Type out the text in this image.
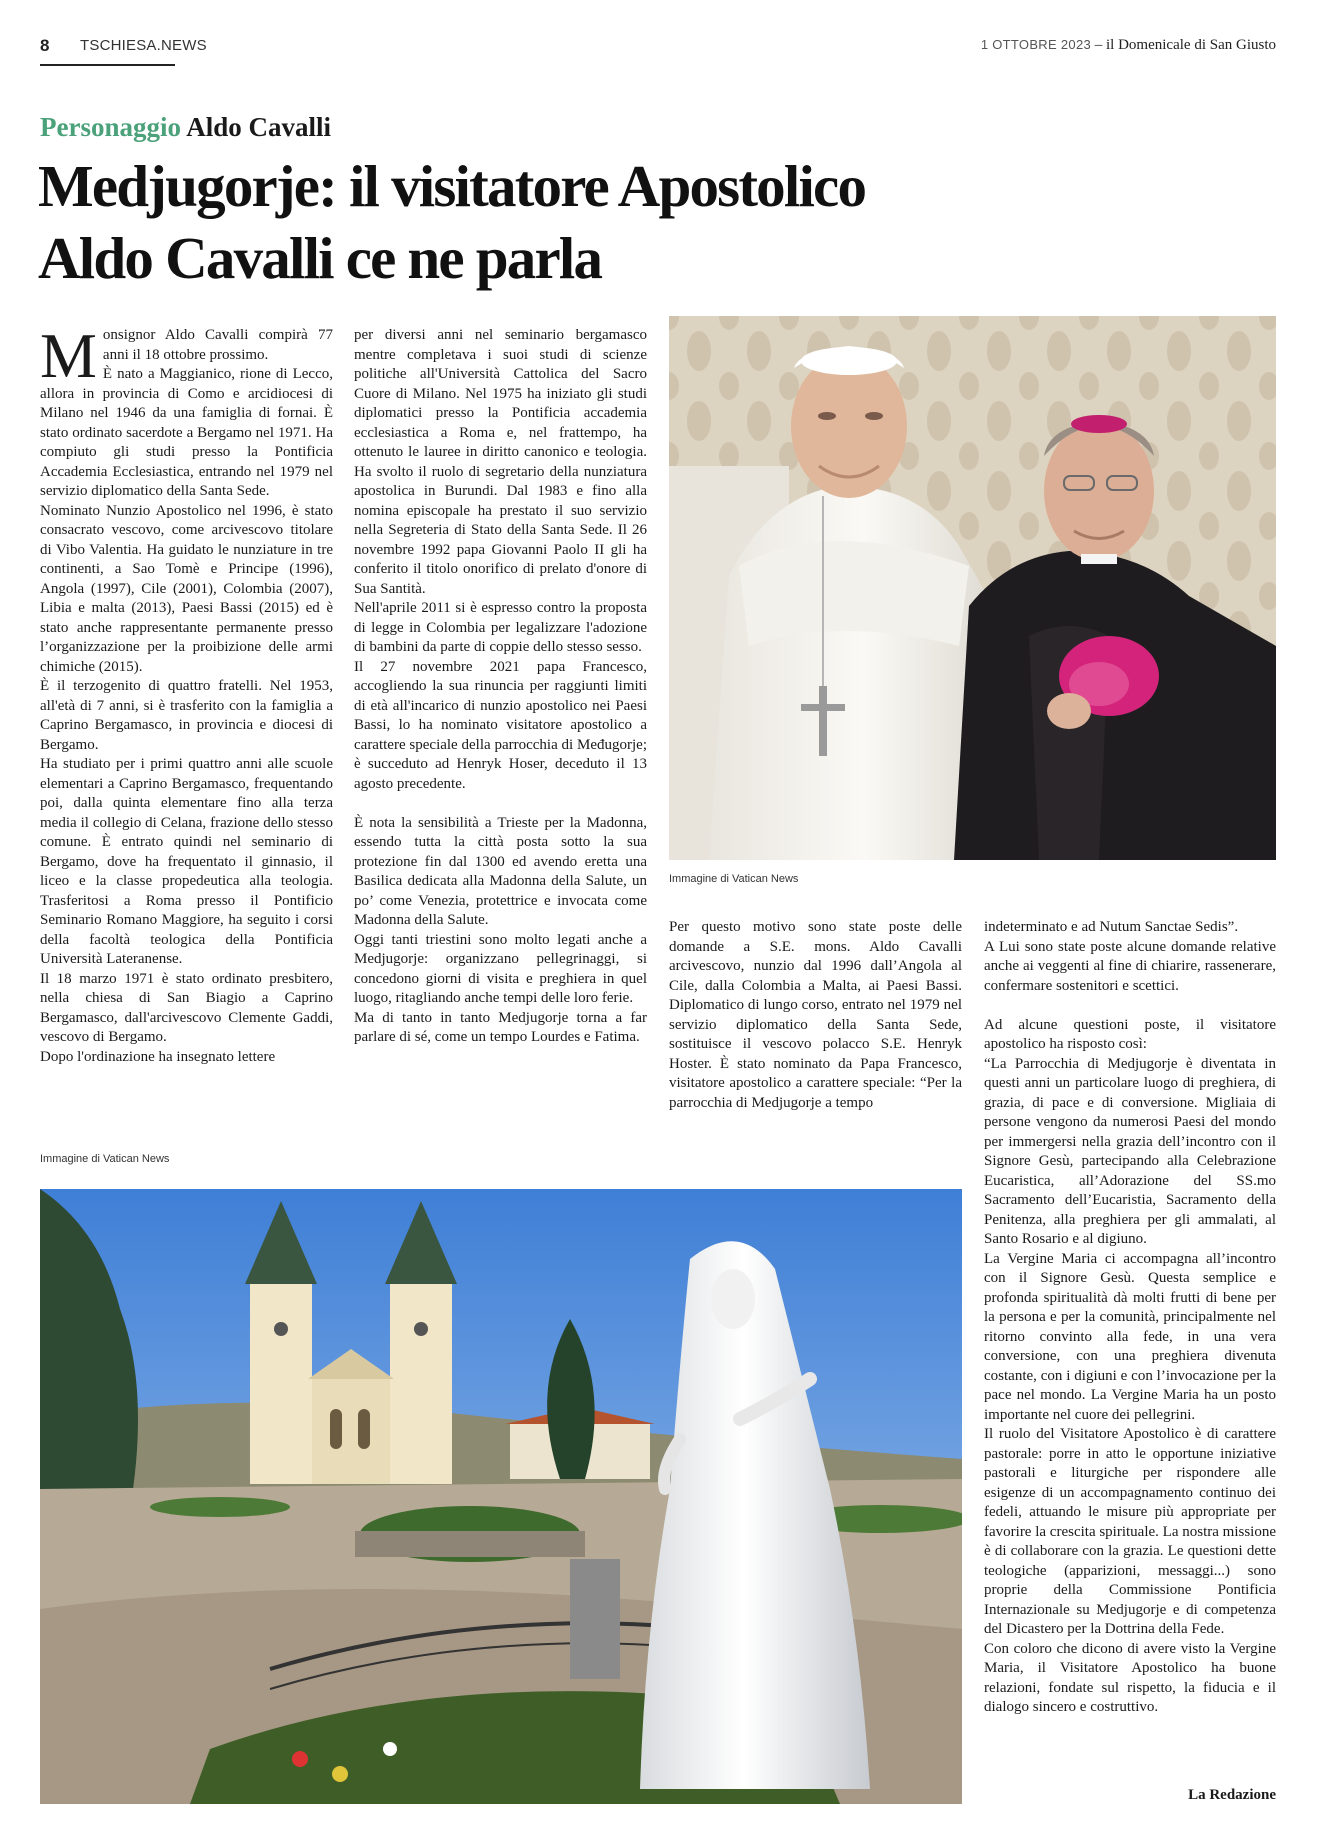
8 TSCHIESA.NEWS	1 OTTOBRE 2023 – il Domenicale di San Giusto
Personaggio Aldo Cavalli
Medjugorje: il visitatore Apostolico
Aldo Cavalli ce ne parla

Monsignor Aldo Cavalli compirà 77 anni il 18 ottobre prossimo.

È nato a Maggianico, rione di Lecco, allora in provincia di Como e arcidiocesi di Milano nel 1946 da una famiglia di fornai. È stato ordinato sacerdote a Bergamo nel 1971. Ha compiuto gli studi presso la Pontificia Accademia Ecclesiastica, entrando nel 1979 nel servizio diplomatico della Santa Sede.

Nominato Nunzio Apostolico nel 1996, è stato consacrato vescovo, come arcivescovo titolare di Vibo Valentia. Ha guidato le nunziature in tre continenti, a Sao Tomè e Principe (1996), Angola (1997), Cile (2001), Colombia (2007), Libia e malta (2013), Paesi Bassi (2015) ed è stato anche rappresentante permanente presso l’organizzazione per la proibizione delle armi chimiche (2015).

È il terzogenito di quattro fratelli. Nel 1953, all'età di 7 anni, si è trasferito con la famiglia a Caprino Bergamasco, in provincia e diocesi di Bergamo.

Ha studiato per i primi quattro anni alle scuole elementari a Caprino Bergamasco, frequentando poi, dalla quinta elementare fino alla terza media il collegio di Celana, frazione dello stesso comune. È entrato quindi nel seminario di Bergamo, dove ha frequentato il ginnasio, il liceo e la classe propedeutica alla teologia. Trasferitosi a Roma presso il Pontificio Seminario Romano Maggiore, ha seguito i corsi della facoltà teologica della Pontificia Università Lateranense.

Il 18 marzo 1971 è stato ordinato presbitero, nella chiesa di San Biagio a Caprino Bergamasco, dall'arcivescovo Clemente Gaddi, vescovo di Bergamo.

Dopo l'ordinazione ha insegnato lettere

per diversi anni nel seminario bergamasco mentre completava i suoi studi di scienze politiche all'Università Cattolica del Sacro Cuore di Milano. Nel 1975 ha iniziato gli studi diplomatici presso la Pontificia accademia ecclesiastica a Roma e, nel frattempo, ha ottenuto le lauree in diritto canonico e teologia. Ha svolto il ruolo di segretario della nunziatura apostolica in Burundi. Dal 1983 e fino alla nomina episcopale ha prestato il suo servizio nella Segreteria di Stato della Santa Sede. Il 26 novembre 1992 papa Giovanni Paolo II gli ha conferito il titolo onorifico di prelato d'onore di Sua Santità.

Nell'aprile 2011 si è espresso contro la proposta di legge in Colombia per legalizzare l'adozione di bambini da parte di coppie dello stesso sesso.

Il 27 novembre 2021 papa Francesco, accogliendo la sua rinuncia per raggiunti limiti di età all'incarico di nunzio apostolico nei Paesi Bassi, lo ha nominato visitatore apostolico a carattere speciale della parrocchia di Međugorje; è succeduto ad Henryk Hoser, deceduto il 13 agosto precedente.

È nota la sensibilità a Trieste per la Madonna, essendo tutta la città posta sotto la sua protezione fin dal 1300 ed avendo eretta una Basilica dedicata alla Madonna della Salute, un po’ come Venezia, protettrice e invocata come Madonna della Salute.

Oggi tanti triestini sono molto legati anche a Medjugorje: organizzano pellegrinaggi, si concedono giorni di visita e preghiera in quel luogo, ritagliando anche tempi delle loro ferie.

Ma di tanto in tanto Medjugorje torna a far parlare di sé, come un tempo Lourdes e Fatima.

Immagine di Vatican News
Immagine di Vatican News

Per questo motivo sono state poste delle domande a S.E. mons. Aldo Cavalli arcivescovo, nunzio dal 1996 dall’Angola al Cile, dalla Colombia a Malta, ai Paesi Bassi. Diplomatico di lungo corso, entrato nel 1979 nel servizio diplomatico della Santa Sede, sostituisce il vescovo polacco S.E. Henryk Hoster. È stato nominato da Papa Francesco, visitatore apostolico a carattere speciale: “Per la parrocchia di Medjugorje a tempo

indeterminato e ad Nutum Sanctae Sedis”.

A Lui sono state poste alcune domande relative anche ai veggenti al fine di chiarire, rassenerare, confermare sostenitori e scettici.

Ad alcune questioni poste, il visitatore apostolico ha risposto così:

“La Parrocchia di Medjugorje è diventata in questi anni un particolare luogo di preghiera, di grazia, di pace e di conversione. Migliaia di persone vengono da numerosi Paesi del mondo per immergersi nella grazia dell’incontro con il Signore Gesù, partecipando alla Celebrazione Eucaristica, all’Adorazione del SS.mo Sacramento dell’Eucaristia, Sacramento della Penitenza, alla preghiera per gli ammalati, al Santo Rosario e al digiuno.

La Vergine Maria ci accompagna all’incontro con il Signore Gesù. Questa semplice e profonda spiritualità dà molti frutti di bene per la persona e per la comunità, principalmente nel ritorno convinto alla fede, in una vera conversione, con una preghiera divenuta costante, con i digiuni e con l’invocazione per la pace nel mondo. La Vergine Maria ha un posto importante nel cuore dei pellegrini.

Il ruolo del Visitatore Apostolico è di carattere pastorale: porre in atto le opportune iniziative pastorali e liturgiche per rispondere alle esigenze di un accompagnamento continuo dei fedeli, attuando le misure più appropriate per favorire la crescita spirituale. La nostra missione è di collaborare con la grazia. Le questioni dette teologiche (apparizioni, messaggi...) sono proprie della Commissione Pontificia Internazionale su Medjugorje e di competenza del Dicastero per la Dottrina della Fede.

Con coloro che dicono di avere visto la Vergine Maria, il Visitatore Apostolico ha buone relazioni, fondate sul rispetto, la fiducia e il dialogo sincero e costruttivo.

La Redazione
